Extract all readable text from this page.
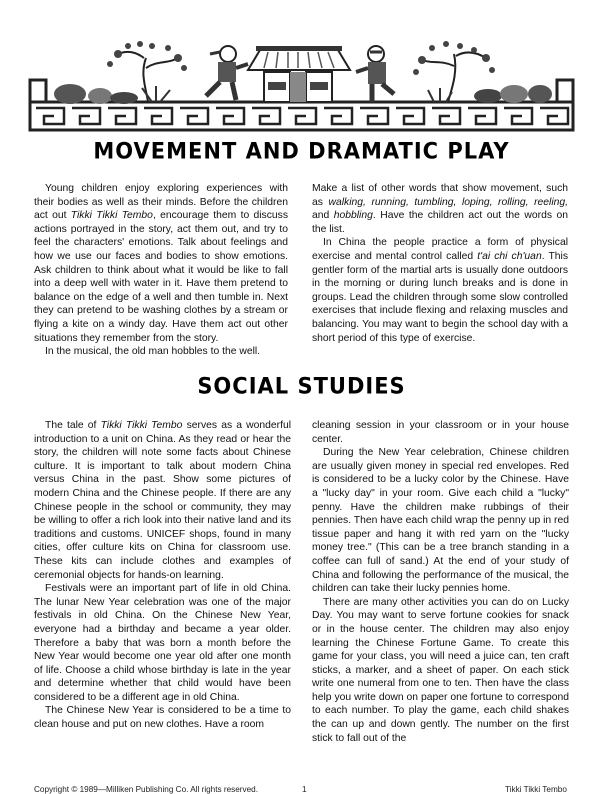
MOVEMENT AND DRAMATIC PLAY

Young children enjoy exploring experiences with their bodies as well as their minds. Before the children act out Tikki Tikki Tembo, encourage them to discuss actions portrayed in the story, act them out, and try to feel the characters' emotions. Talk about feelings and how we use our faces and bodies to show emotions. Ask children to think about what it would be like to fall into a deep well with water in it. Have them pretend to balance on the edge of a well and then tumble in. Next they can pretend to be washing clothes by a stream or flying a kite on a windy day. Have them act out other situations they remember from the story.

In the musical, the old man hobbles to the well.

Make a list of other words that show movement, such as walking, running, tumbling, loping, rolling, reeling, and hobbling. Have the children act out the words on the list.

In China the people practice a form of physical exercise and mental control called t'ai chi ch'uan. This gentler form of the martial arts is usually done outdoors in the morning or during lunch breaks and is done in groups. Lead the children through some slow controlled exercises that include flexing and relaxing muscles and balancing. You may want to begin the school day with a short period of this type of exercise.

SOCIAL STUDIES

The tale of Tikki Tikki Tembo serves as a wonderful introduction to a unit on China. As they read or hear the story, the children will note some facts about Chinese culture. It is important to talk about modern China versus China in the past. Show some pictures of modern China and the Chinese people. If there are any Chinese people in the school or community, they may be willing to offer a rich look into their native land and its traditions and customs. UNICEF shops, found in many cities, offer culture kits on China for classroom use. These kits can include clothes and examples of ceremonial objects for hands-on learning.

Festivals were an important part of life in old China. The lunar New Year celebration was one of the major festivals in old China. On the Chinese New Year, everyone had a birthday and became a year older. Therefore a baby that was born a month before the New Year would become one year old after one month of life. Choose a child whose birthday is late in the year and determine whether that child would have been considered to be a different age in old China.

The Chinese New Year is considered to be a time to clean house and put on new clothes. Have a room

cleaning session in your classroom or in your house center.

During the New Year celebration, Chinese children are usually given money in special red envelopes. Red is considered to be a lucky color by the Chinese. Have a "lucky day" in your room. Give each child a "lucky" penny. Have the children make rubbings of their pennies. Then have each child wrap the penny up in red tissue paper and hang it with red yarn on the "lucky money tree." (This can be a tree branch standing in a coffee can full of sand.) At the end of your study of China and following the performance of the musical, the children can take their lucky pennies home.

There are many other activities you can do on Lucky Day. You may want to serve fortune cookies for snack or in the house center. The children may also enjoy learning the Chinese Fortune Game. To create this game for your class, you will need a juice can, ten craft sticks, a marker, and a sheet of paper. On each stick write one numeral from one to ten. Then have the class help you write down on paper one fortune to correspond to each number. To play the game, each child shakes the can up and down gently. The number on the first stick to fall out of the

Copyright © 1989—Milliken Publishing Co. All rights reserved.	1	Tikki Tikki Tembo
